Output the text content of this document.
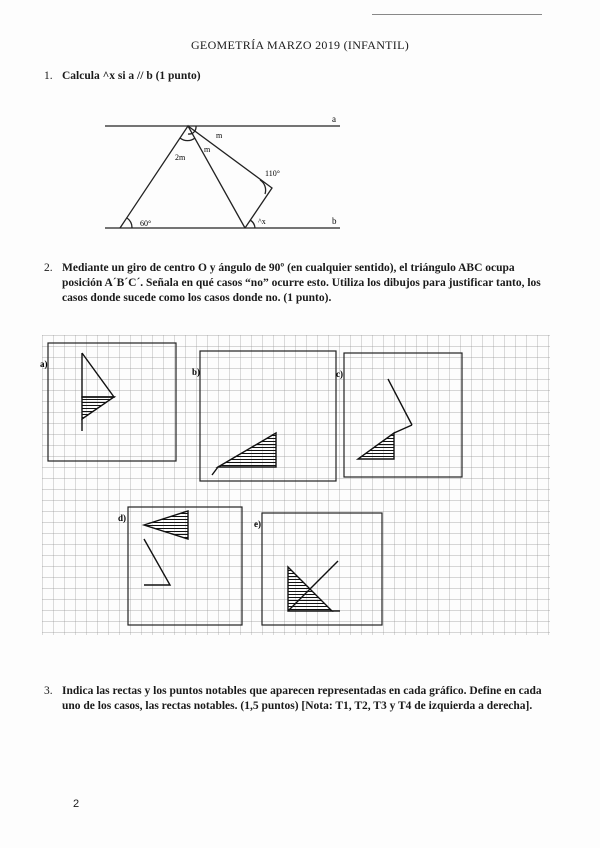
GEOMETRÍA MARZO 2019 (INFANTIL)
1. Calcula ^x si a // b (1 punto)
a
b
m
m
2m
60°
110°
^x
2. Mediante un giro de centro O y ángulo de 90º (en cualquier sentido), el triángulo ABC ocupa posición A´B´C´. Señala en qué casos “no” ocurre esto. Utiliza los dibujos para justificar tanto, los casos donde sucede como los casos donde no. (1 punto).
a)
b)	c)
d)
e)
3. Indica las rectas y los puntos notables que aparecen representadas en cada gráfico. Define en cada uno de los casos, las rectas notables. (1,5 puntos) [Nota: T1, T2, T3 y T4 de izquierda a derecha].
2
